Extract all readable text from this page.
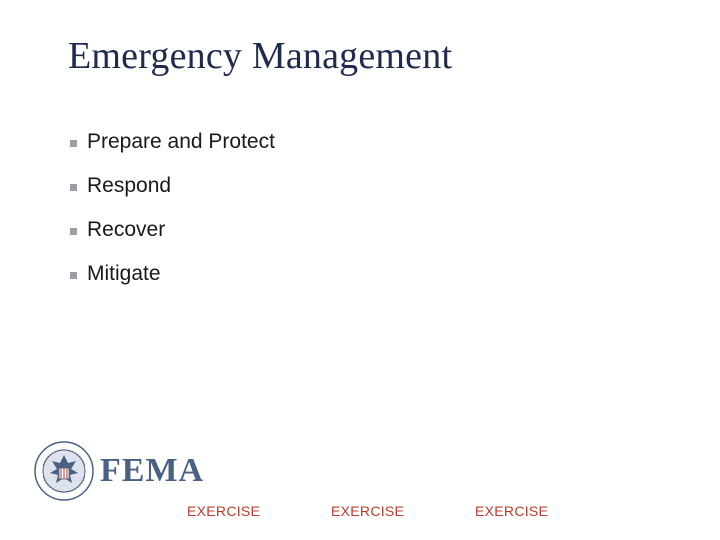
Emergency Management
Prepare and Protect
Respond
Recover
Mitigate
FEMA
EXERCISE	EXERCISE	EXERCISE
